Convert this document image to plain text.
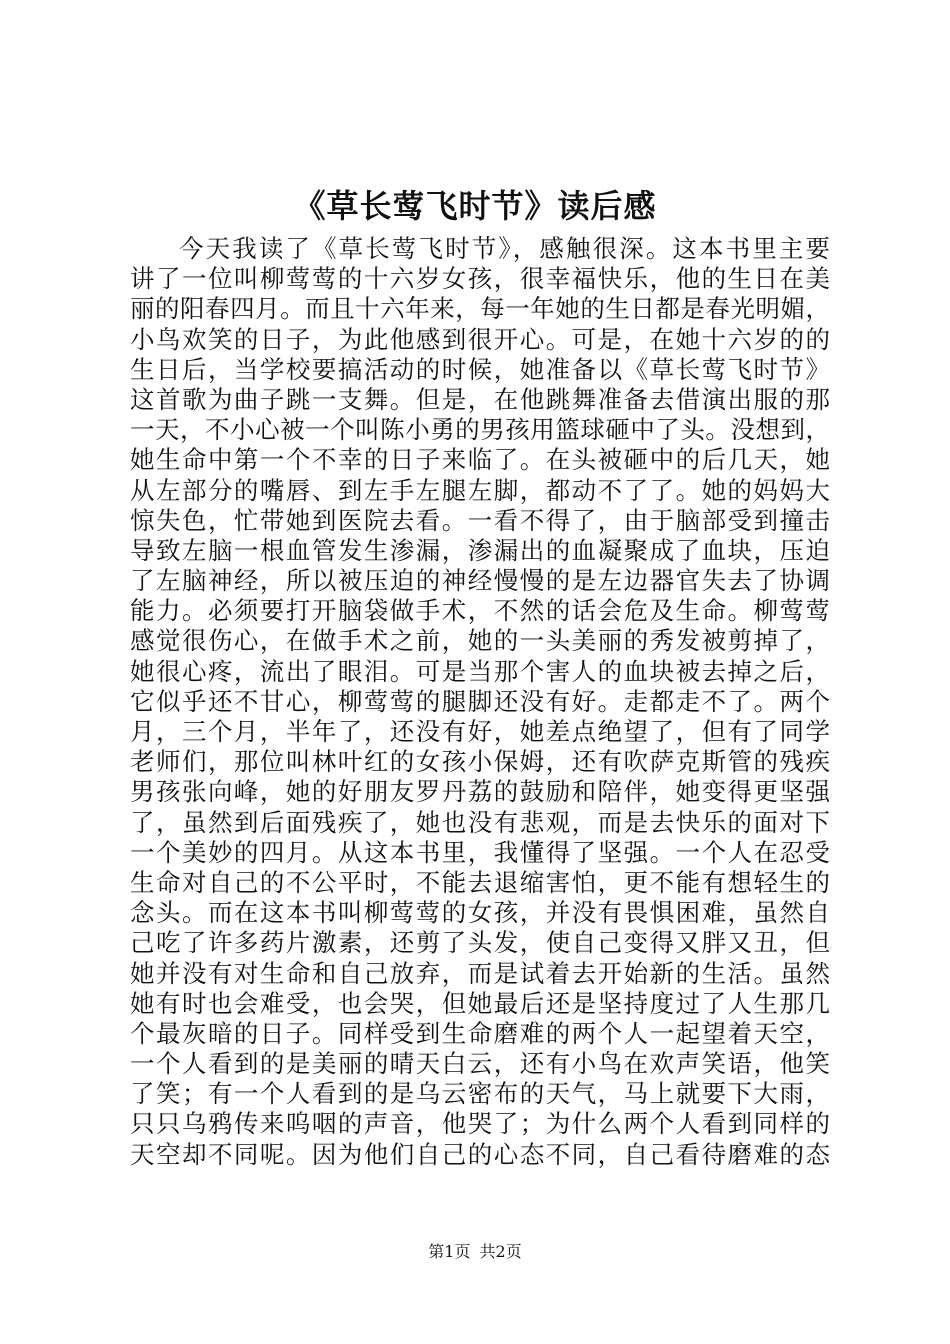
《草长莺飞时节》读后感
今天我读了《草长莺飞时节》，感触很深。这本书里主要
讲了一位叫柳莺莺的十六岁女孩，很幸福快乐，他的生日在美
丽的阳春四月。而且十六年来，每一年她的生日都是春光明媚，
小鸟欢笑的日子，为此他感到很开心。可是，在她十六岁的的
生日后，当学校要搞活动的时候，她准备以《草长莺飞时节》
这首歌为曲子跳一支舞。但是，在他跳舞准备去借演出服的那
一天，不小心被一个叫陈小勇的男孩用篮球砸中了头。没想到，
她生命中第一个不幸的日子来临了。在头被砸中的后几天，她
从左部分的嘴唇、到左手左腿左脚，都动不了了。她的妈妈大
惊失色，忙带她到医院去看。一看不得了，由于脑部受到撞击
导致左脑一根血管发生渗漏，渗漏出的血凝聚成了血块，压迫
了左脑神经，所以被压迫的神经慢慢的是左边器官失去了协调
能力。必须要打开脑袋做手术，不然的话会危及生命。柳莺莺
感觉很伤心，在做手术之前，她的一头美丽的秀发被剪掉了，
她很心疼，流出了眼泪。可是当那个害人的血块被去掉之后，
它似乎还不甘心，柳莺莺的腿脚还没有好。走都走不了。两个
月，三个月，半年了，还没有好，她差点绝望了，但有了同学
老师们，那位叫林叶红的女孩小保姆，还有吹萨克斯管的残疾
男孩张向峰，她的好朋友罗丹荔的鼓励和陪伴，她变得更坚强
了，虽然到后面残疾了，她也没有悲观，而是去快乐的面对下
一个美妙的四月。从这本书里，我懂得了坚强。一个人在忍受
生命对自己的不公平时，不能去退缩害怕，更不能有想轻生的
念头。而在这本书叫柳莺莺的女孩，并没有畏惧困难，虽然自
己吃了许多药片激素，还剪了头发，使自己变得又胖又丑，但
她并没有对生命和自己放弃，而是试着去开始新的生活。虽然
她有时也会难受，也会哭，但她最后还是坚持度过了人生那几
个最灰暗的日子。同样受到生命磨难的两个人一起望着天空，
一个人看到的是美丽的晴天白云，还有小鸟在欢声笑语，他笑
了笑；有一个人看到的是乌云密布的天气，马上就要下大雨，
只只乌鸦传来呜咽的声音，他哭了；为什么两个人看到同样的
天空却不同呢。因为他们自己的心态不同，自己看待磨难的态
第1页 共2页
